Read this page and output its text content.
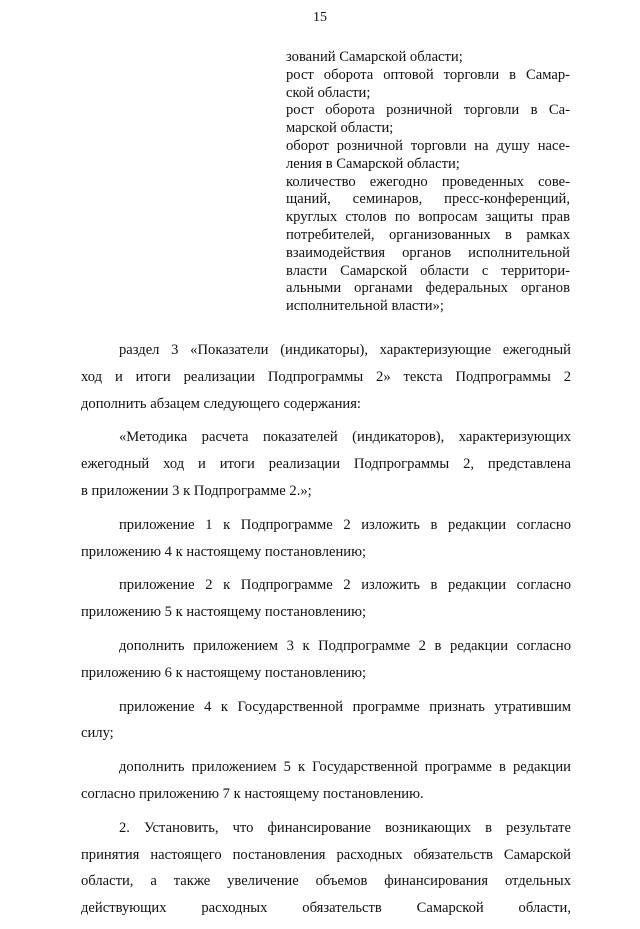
15
зований Самарской области;
рост оборота оптовой торговли в Самар-
ской области;
рост оборота розничной торговли в Са-
марской области;
оборот розничной торговли на душу насе-
ления в Самарской области;
количество ежегодно проведенных сове-
щаний, семинаров, пресс-конференций,
круглых столов по вопросам защиты прав
потребителей, организованных в рамках
взаимодействия органов исполнительной
власти Самарской области с территори-
альными органами федеральных органов
исполнительной власти»;

раздел 3 «Показатели (индикаторы), характеризующие ежегодный
ход и итоги реализации Подпрограммы 2» текста Подпрограммы 2
дополнить абзацем следующего содержания:

«Методика расчета показателей (индикаторов), характеризующих
ежегодный ход и итоги реализации Подпрограммы 2, представлена
в приложении 3 к Подпрограмме 2.»;

приложение 1 к Подпрограмме 2 изложить в редакции согласно
приложению 4 к настоящему постановлению;

приложение 2 к Подпрограмме 2 изложить в редакции согласно
приложению 5 к настоящему постановлению;

дополнить приложением 3 к Подпрограмме 2 в редакции согласно
приложению 6 к настоящему постановлению;

приложение 4 к Государственной программе признать утратившим
силу;

дополнить приложением 5 к Государственной программе в редакции
согласно приложению 7 к настоящему постановлению.

2. Установить, что финансирование возникающих в результате
принятия настоящего постановления расходных обязательств Самарской
области, а также увеличение объемов финансирования отдельных
действующих расходных обязательств Самарской области,
